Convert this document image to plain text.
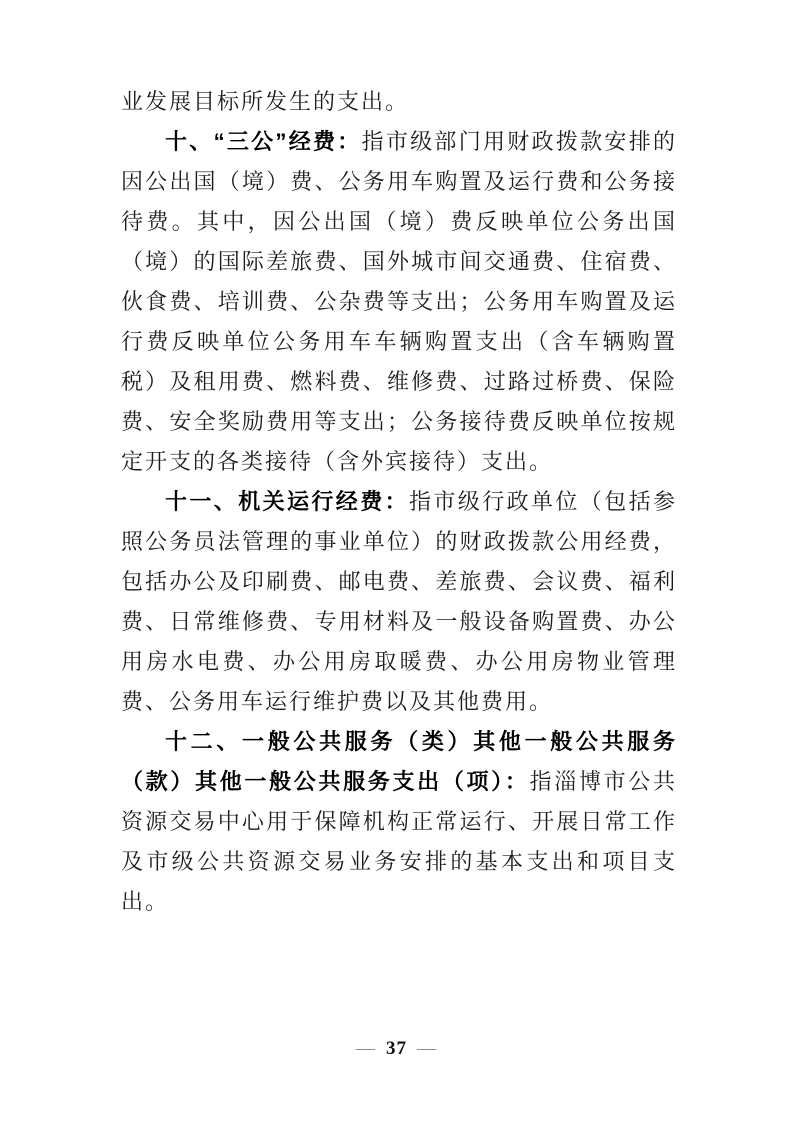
业发展目标所发生的支出。

十、“三公”经费：指市级部门用财政拨款安排的因公出国（境）费、公务用车购置及运行费和公务接待费。其中，因公出国（境）费反映单位公务出国（境）的国际差旅费、国外城市间交通费、住宿费、伙食费、培训费、公杂费等支出；公务用车购置及运行费反映单位公务用车车辆购置支出（含车辆购置税）及租用费、燃料费、维修费、过路过桥费、保险费、安全奖励费用等支出；公务接待费反映单位按规定开支的各类接待（含外宾接待）支出。

十一、机关运行经费：指市级行政单位（包括参照公务员法管理的事业单位）的财政拨款公用经费，包括办公及印刷费、邮电费、差旅费、会议费、福利费、日常维修费、专用材料及一般设备购置费、办公用房水电费、办公用房取暖费、办公用房物业管理费、公务用车运行维护费以及其他费用。

十二、一般公共服务（类）其他一般公共服务（款）其他一般公共服务支出（项）：指淄博市公共资源交易中心用于保障机构正常运行、开展日常工作及市级公共资源交易业务安排的基本支出和项目支出。

— 37 —
